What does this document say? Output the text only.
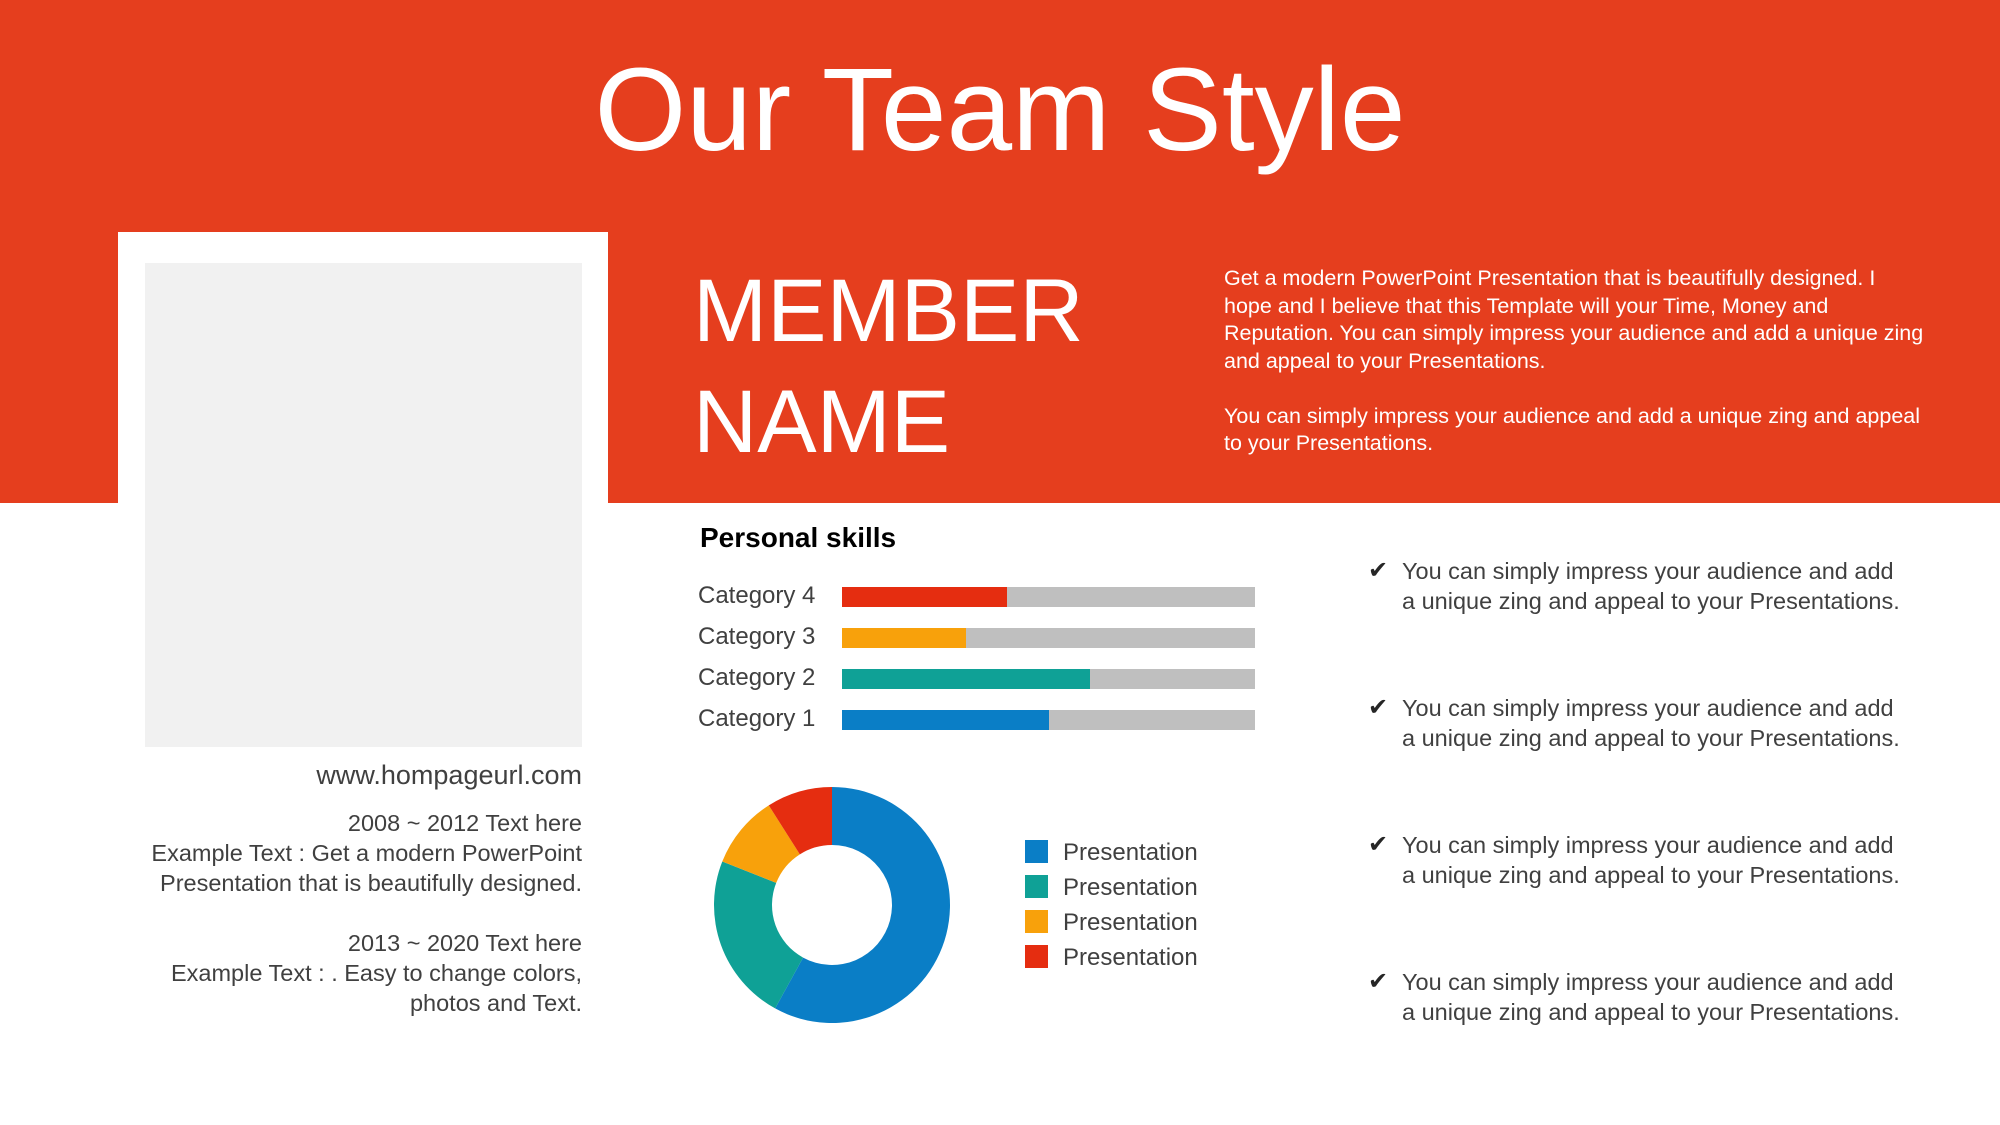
Our Team Style
MEMBER
NAME

Get a modern PowerPoint Presentation that is beautifully designed. I hope and I believe that this Template will your Time, Money and Reputation. You can simply impress your audience and add a unique zing and appeal to your Presentations.

You can simply impress your audience and add a unique zing and appeal to your Presentations.

www.hompageurl.com

2008 ~ 2012 Text here
Example Text : Get a modern PowerPoint Presentation that is beautifully designed.

2013 ~ 2020 Text here
Example Text : . Easy to change colors, photos and Text.

Personal skills
Category 4
Category 3
Category 2
Category 1
Presentation
Presentation
Presentation
Presentation
✔ You can simply impress your audience and add a unique zing and appeal to your Presentations.
✔ You can simply impress your audience and add a unique zing and appeal to your Presentations.
✔ You can simply impress your audience and add a unique zing and appeal to your Presentations.
✔ You can simply impress your audience and add a unique zing and appeal to your Presentations.
